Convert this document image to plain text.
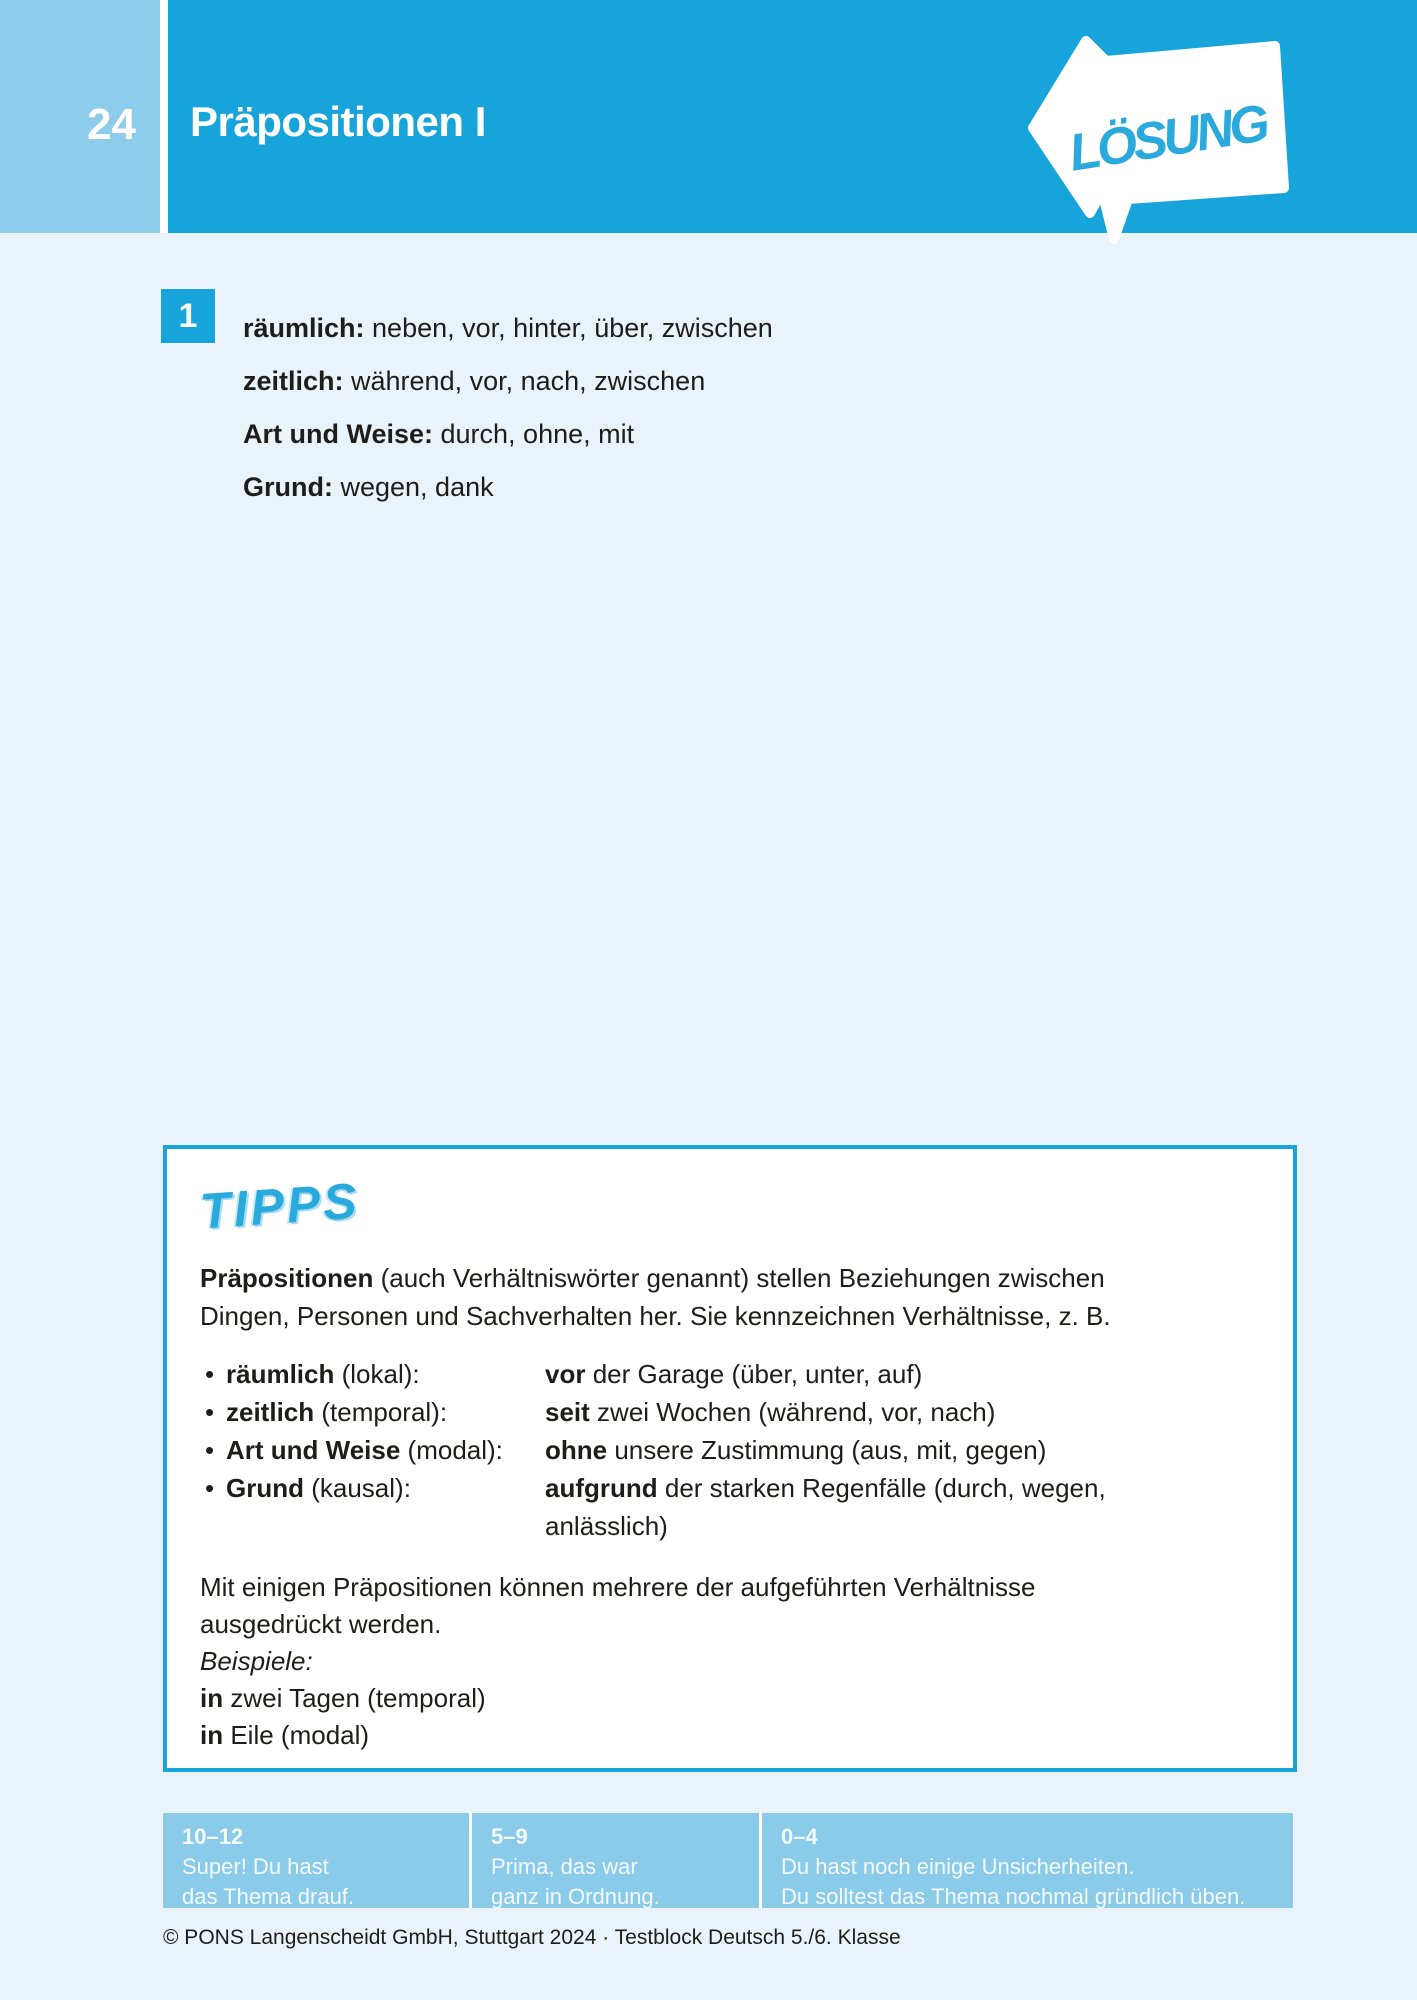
24 Präpositionen I	LÖSUNG
1 räumlich: neben, vor, hinter, über, zwischen
zeitlich: während, vor, nach, zwischen
Art und Weise: durch, ohne, mit
Grund: wegen, dank
TIPPS
Präpositionen (auch Verhältniswörter genannt) stellen Beziehungen zwischen
Dingen, Personen und Sachverhalten her. Sie kennzeichnen Verhältnisse, z. B.
• räumlich (lokal):	vor der Garage (über, unter, auf)
• zeitlich (temporal):	seit zwei Wochen (während, vor, nach)
• Art und Weise (modal):	ohne unsere Zustimmung (aus, mit, gegen)
• Grund (kausal):	aufgrund der starken Regenfälle (durch, wegen,
anlässlich)
Mit einigen Präpositionen können mehrere der aufgeführten Verhältnisse
ausgedrückt werden.
Beispiele:
in zwei Tagen (temporal)
in Eile (modal)
10–12
Super! Du hast
das Thema drauf.
5–9
Prima, das war
ganz in Ordnung.
0–4
Du hast noch einige Unsicherheiten.
Du solltest das Thema nochmal gründlich üben.
© PONS Langenscheidt GmbH, Stuttgart 2024 · Testblock Deutsch 5./6. Klasse
